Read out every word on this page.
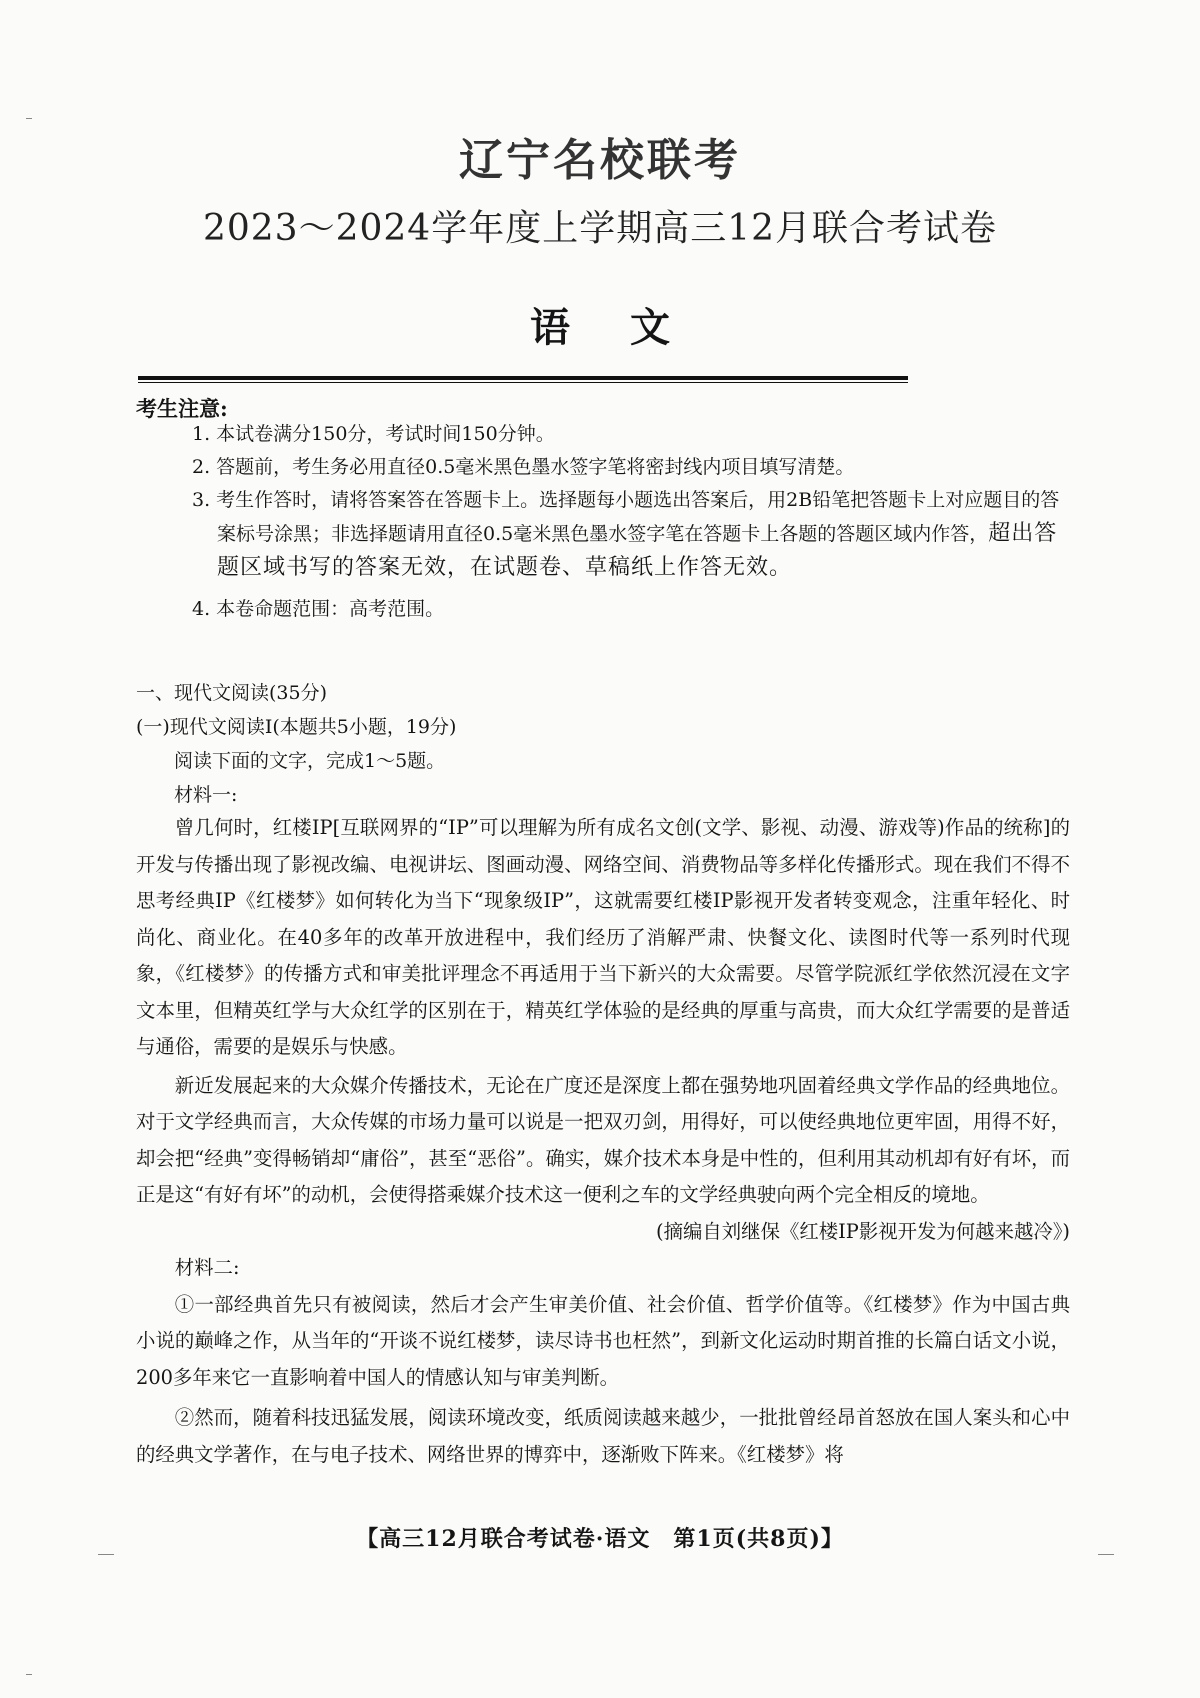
辽宁名校联考
2023～2024学年度上学期高三12月联合考试卷
语文
考生注意:
1. 本试卷满分150分，考试时间150分钟。
2. 答题前，考生务必用直径0.5毫米黑色墨水签字笔将密封线内项目填写清楚。
3. 考生作答时，请将答案答在答题卡上。选择题每小题选出答案后，用2B铅笔把答题卡上对应题目的答案标号涂黑；非选择题请用直径0.5毫米黑色墨水签字笔在答题卡上各题的答题区域内作答，超出答题区域书写的答案无效，在试题卷、草稿纸上作答无效。
4. 本卷命题范围：高考范围。
一、现代文阅读(35分)
(一)现代文阅读Ⅰ(本题共5小题，19分)
阅读下面的文字，完成1～5题。
材料一:

曾几何时，红楼IP[互联网界的“IP”可以理解为所有成名文创(文学、影视、动漫、游戏等)作品的统称]的开发与传播出现了影视改编、电视讲坛、图画动漫、网络空间、消费物品等多样化传播形式。现在我们不得不思考经典IP《红楼梦》如何转化为当下“现象级IP”，这就需要红楼IP影视开发者转变观念，注重年轻化、时尚化、商业化。在40多年的改革开放进程中，我们经历了消解严肃、快餐文化、读图时代等一系列时代现象，《红楼梦》的传播方式和审美批评理念不再适用于当下新兴的大众需要。尽管学院派红学依然沉浸在文字文本里，但精英红学与大众红学的区别在于，精英红学体验的是经典的厚重与高贵，而大众红学需要的是普适与通俗，需要的是娱乐与快感。

新近发展起来的大众媒介传播技术，无论在广度还是深度上都在强势地巩固着经典文学作品的经典地位。对于文学经典而言，大众传媒的市场力量可以说是一把双刃剑，用得好，可以使经典地位更牢固，用得不好，却会把“经典”变得畅销却“庸俗”，甚至“恶俗”。确实，媒介技术本身是中性的，但利用其动机却有好有坏，而正是这“有好有坏”的动机，会使得搭乘媒介技术这一便利之车的文学经典驶向两个完全相反的境地。

(摘编自刘继保《红楼IP影视开发为何越来越冷》)

材料二:

①一部经典首先只有被阅读，然后才会产生审美价值、社会价值、哲学价值等。《红楼梦》作为中国古典小说的巅峰之作，从当年的“开谈不说红楼梦，读尽诗书也枉然”，到新文化运动时期首推的长篇白话文小说，200多年来它一直影响着中国人的情感认知与审美判断。

②然而，随着科技迅猛发展，阅读环境改变，纸质阅读越来越少，一批批曾经昂首怒放在国人案头和心中的经典文学著作，在与电子技术、网络世界的博弈中，逐渐败下阵来。《红楼梦》将

【高三12月联合考试卷·语文　第1页(共8页)】
